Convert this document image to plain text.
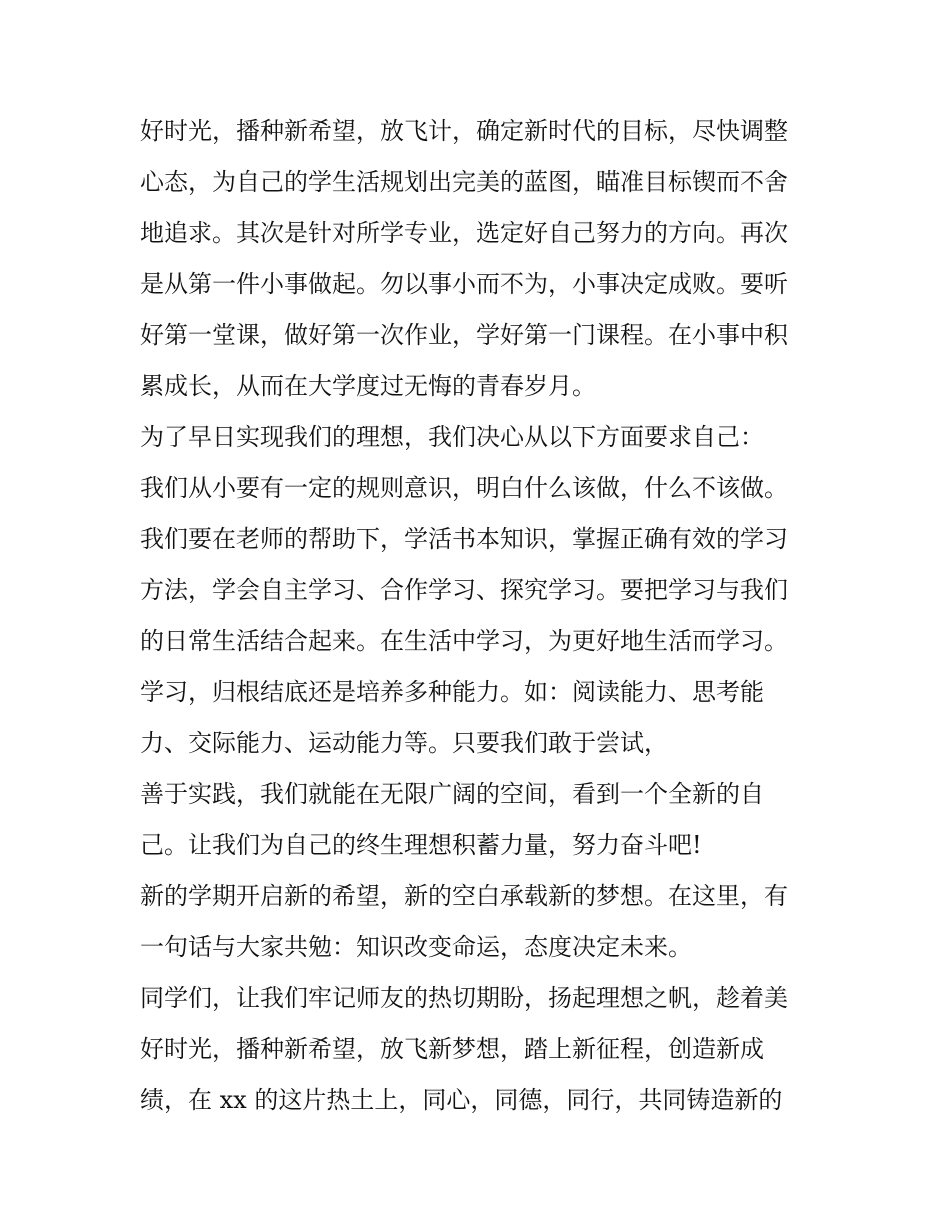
好时光，播种新希望，放飞计，确定新时代的目标，尽快调整
心态，为自己的学生活规划出完美的蓝图，瞄准目标锲而不舍
地追求。其次是针对所学专业，选定好自己努力的方向。再次
是从第一件小事做起。勿以事小而不为，小事决定成败。要听
好第一堂课，做好第一次作业，学好第一门课程。在小事中积
累成长，从而在大学度过无悔的青春岁月。
为了早日实现我们的理想，我们决心从以下方面要求自己：
我们从小要有一定的规则意识，明白什么该做，什么不该做。
我们要在老师的帮助下，学活书本知识，掌握正确有效的学习
方法，学会自主学习、合作学习、探究学习。要把学习与我们
的日常生活结合起来。在生活中学习，为更好地生活而学习。
学习，归根结底还是培养多种能力。如：阅读能力、思考能
力、交际能力、运动能力等。只要我们敢于尝试，
善于实践，我们就能在无限广阔的空间，看到一个全新的自
己。让我们为自己的终生理想积蓄力量，努力奋斗吧!
新的学期开启新的希望，新的空白承载新的梦想。在这里，有
一句话与大家共勉：知识改变命运，态度决定未来。
同学们，让我们牢记师友的热切期盼，扬起理想之帆，趁着美
好时光，播种新希望，放飞新梦想，踏上新征程，创造新成
绩，在 xx 的这片热土上，同心，同德，同行，共同铸造新的
